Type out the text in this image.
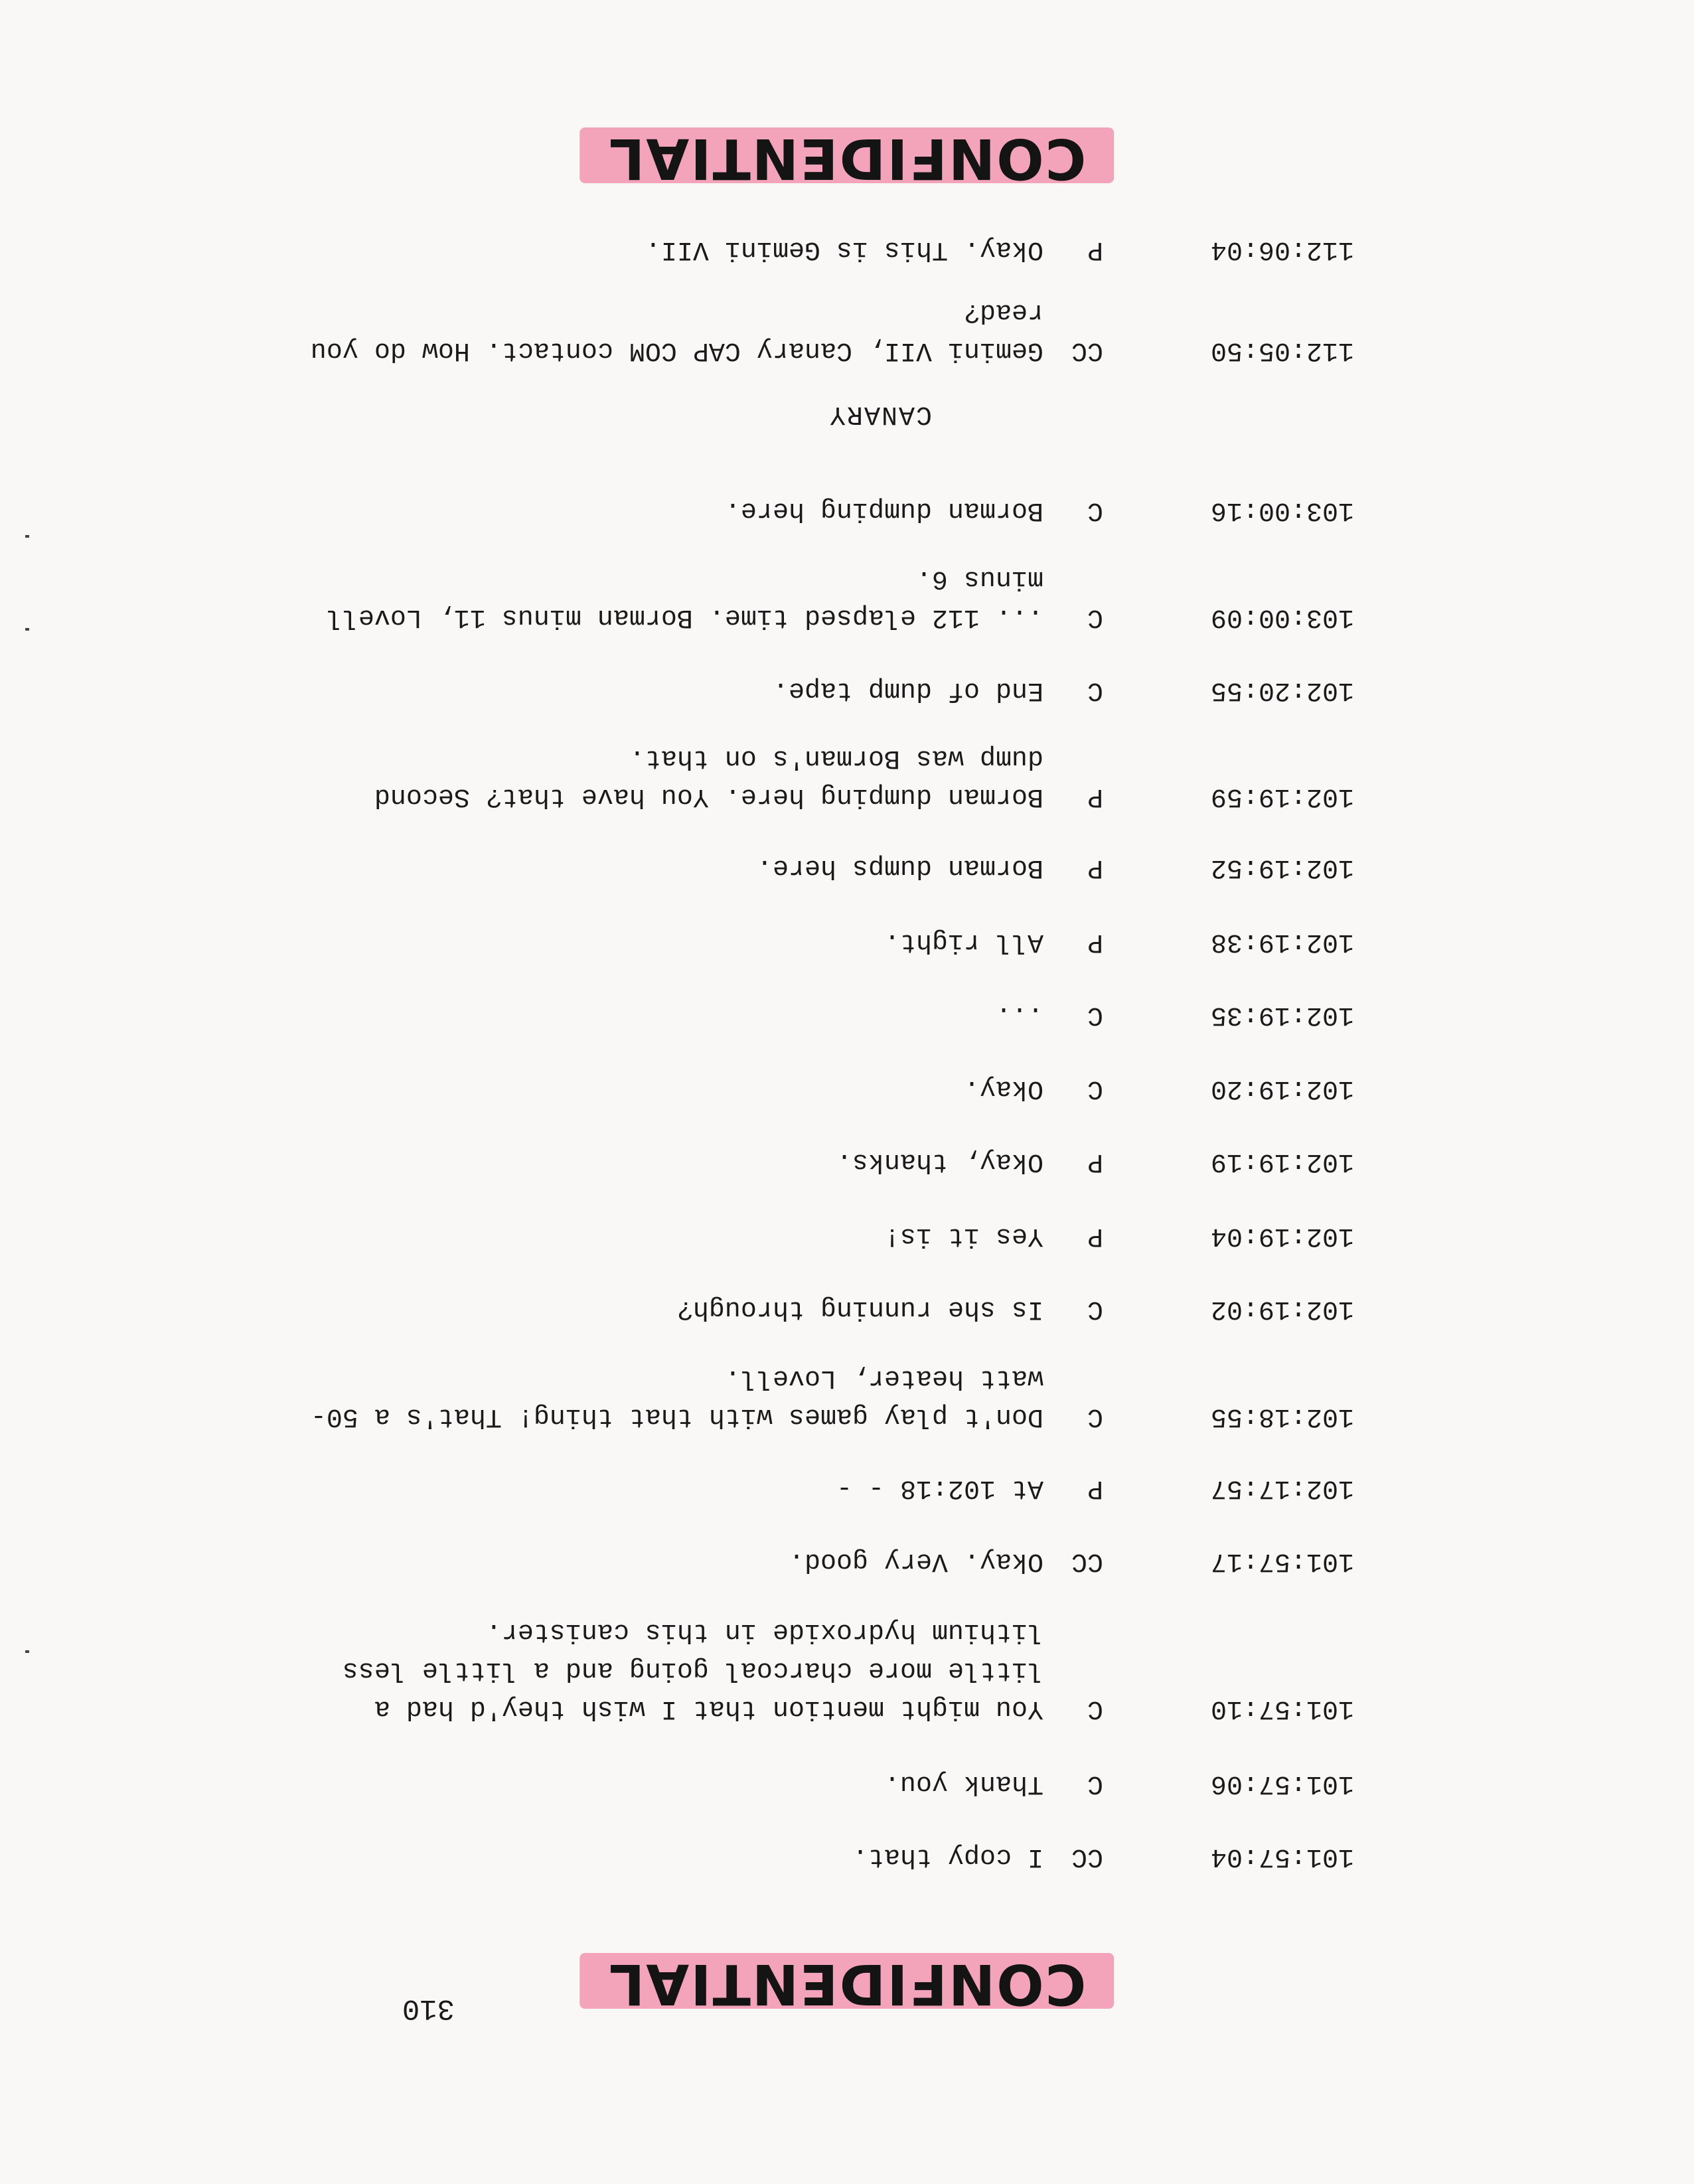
CONFIDENTIAL
310
101:57:04
CC
I copy that.
101:57:06
C
Thank you.
101:57:10
C
You might mention that I wish they'd had a
little more charcoal going and a little less
lithium hydroxide in this canister.
101:57:17
CC
Okay. Very good.
102:17:57
P
At 102:18 - -
102:18:55
C
Don't play games with that thing! That's a 50-
watt heater, Lovell.
102:19:02
C
Is she running through?
102:19:04
P
Yes it is!
102:19:19
P
Okay, thanks.
102:19:20
C
Okay.
102:19:35
C
...
102:19:38
P
All right.
102:19:52
P
Borman dumps here.
102:19:59
P
Borman dumping here. You have that? Second
dump was Borman's on that.
102:20:55
C
End of dump tape.
103:00:09
C
... 112 elapsed time. Borman minus 11, Lovell
minus 6.
103:00:16
C
Borman dumping here.
CANARY
112:05:50
CC
Gemini VII, Canary CAP COM contact. How do you
read?
112:06:04
P
Okay. This is Gemini VII.
CONFIDENTIAL
